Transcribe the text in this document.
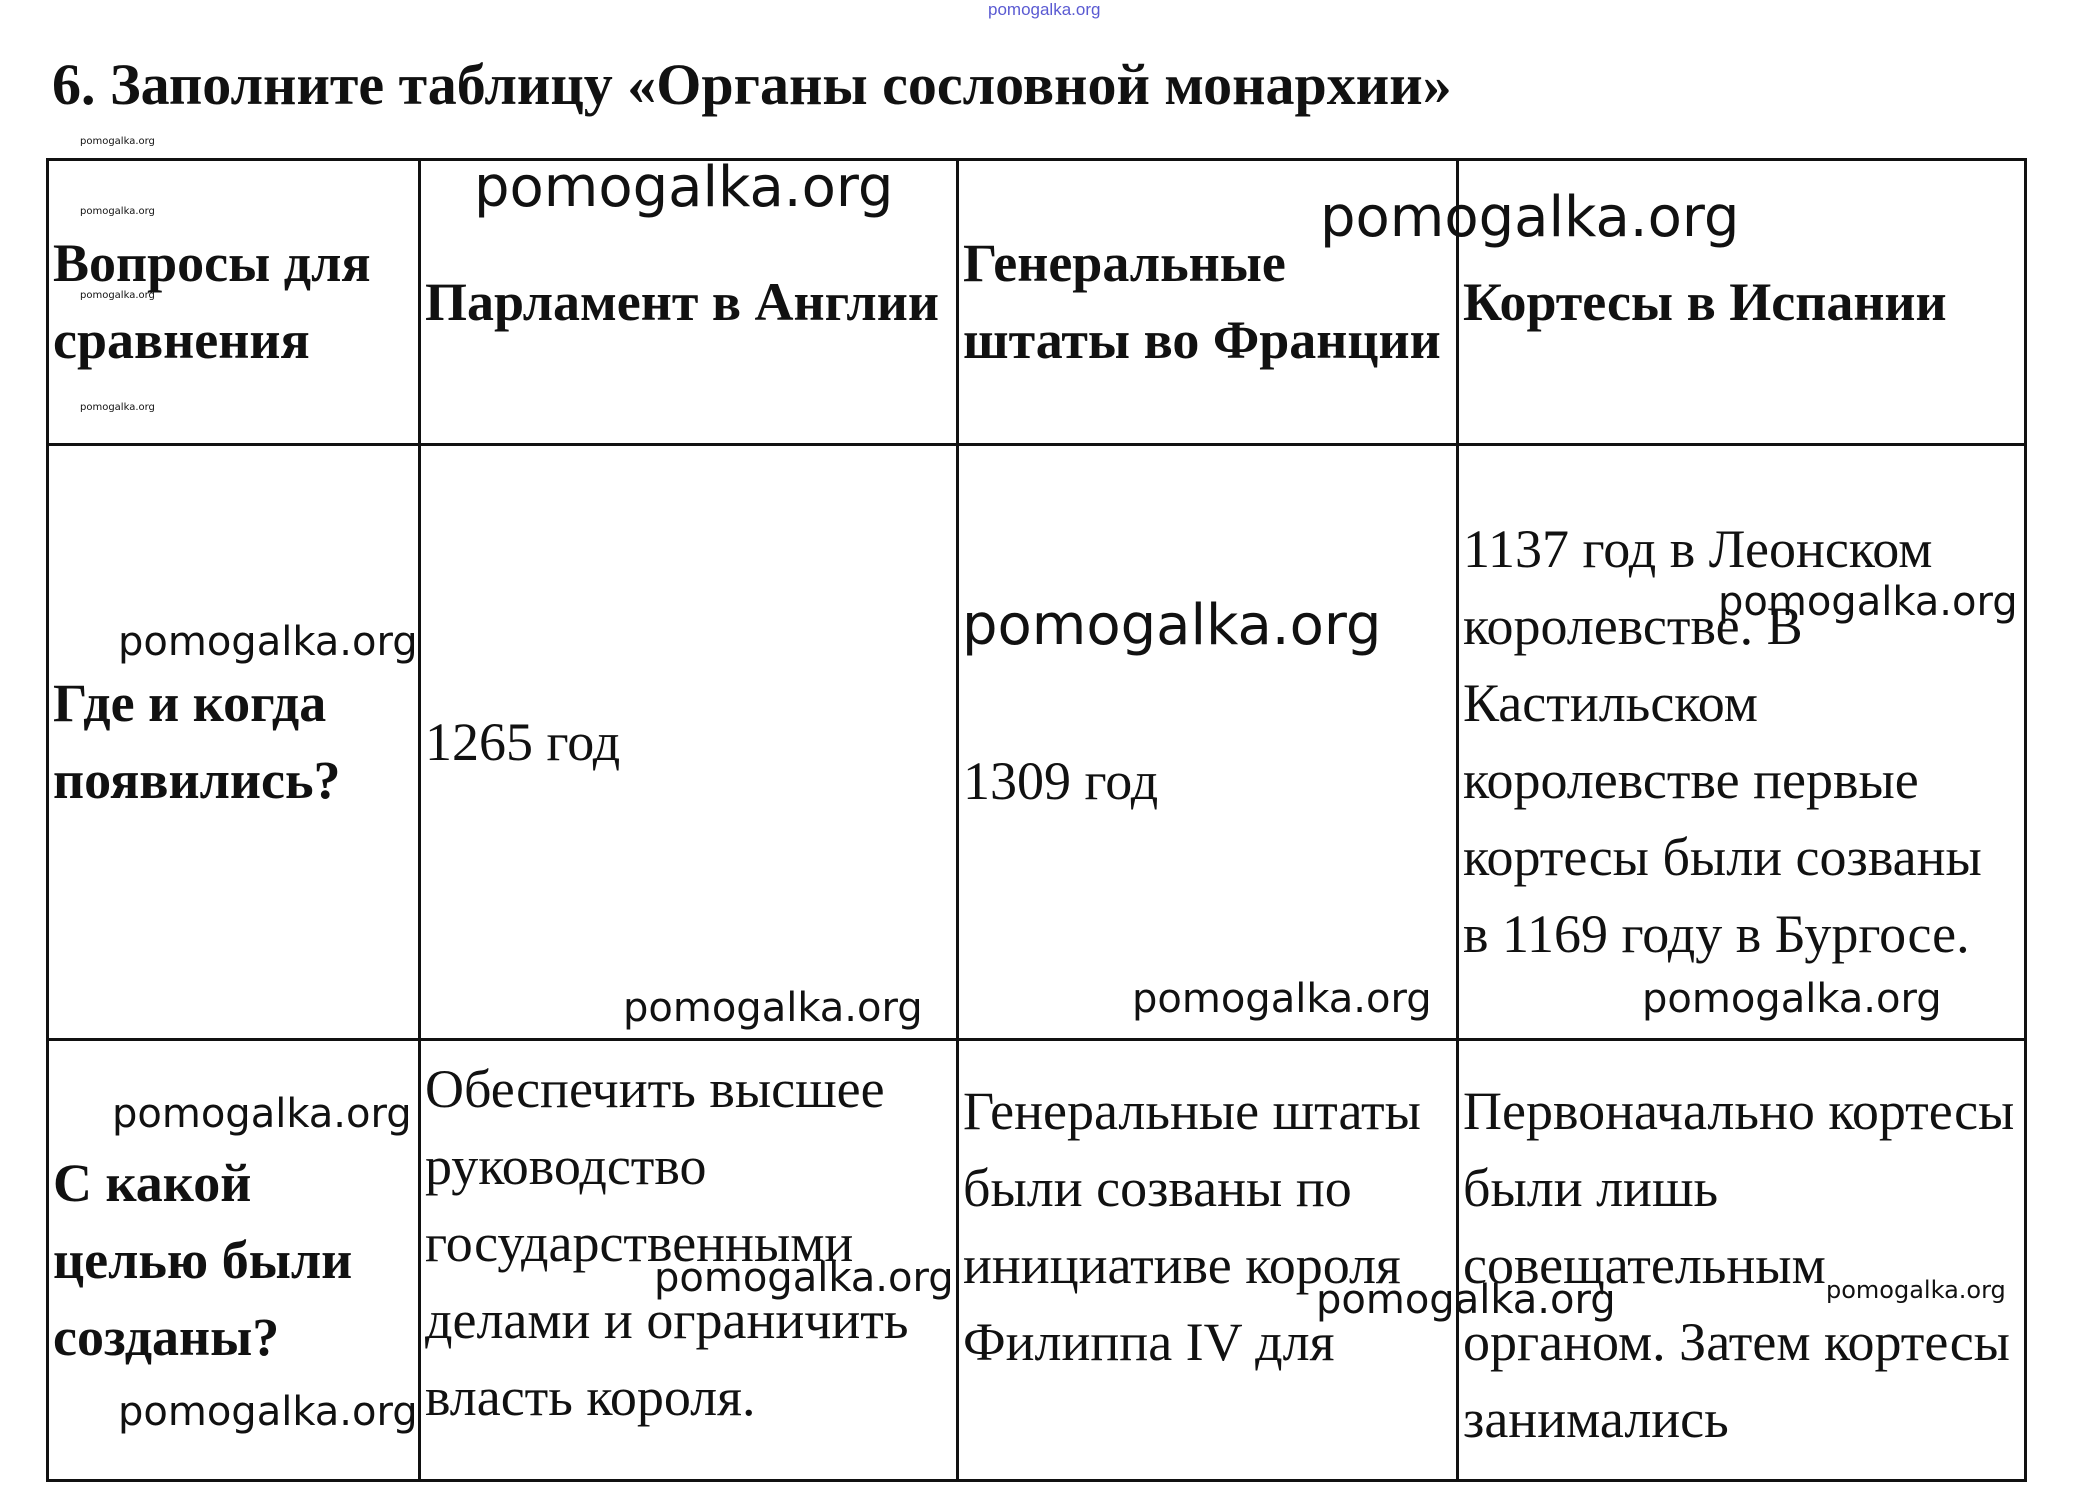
pomogalka.org
6. Заполните таблицу «Органы сословной монархии»
Вопросы для сравнения	Парламент в Англии	Генеральные штаты во Франции	Кортесы в Испании
Где и когда появились?	1265 год	1309 год	1137 год в Леонском королевстве. В Кастильском королевстве первые кортесы были созваны в 1169 году в Бургосе.
С какой целью были созданы?	Обеспечить высшее руководство государственными делами и ограничить власть короля.	Генеральные штаты были созваны по инициативе короля Филиппа IV для	Первоначально кортесы были лишь совещательным органом. Затем кортесы занимались
pomogalka.org
pomogalka.org
pomogalka.org
pomogalka.org
pomogalka.org	pomogalka.org
pomogalka.org	pomogalka.org	pomogalka.org
pomogalka.org	pomogalka.org	pomogalka.org
pomogalka.org
pomogalka.org	pomogalka.org	pomogalka.org
pomogalka.org
